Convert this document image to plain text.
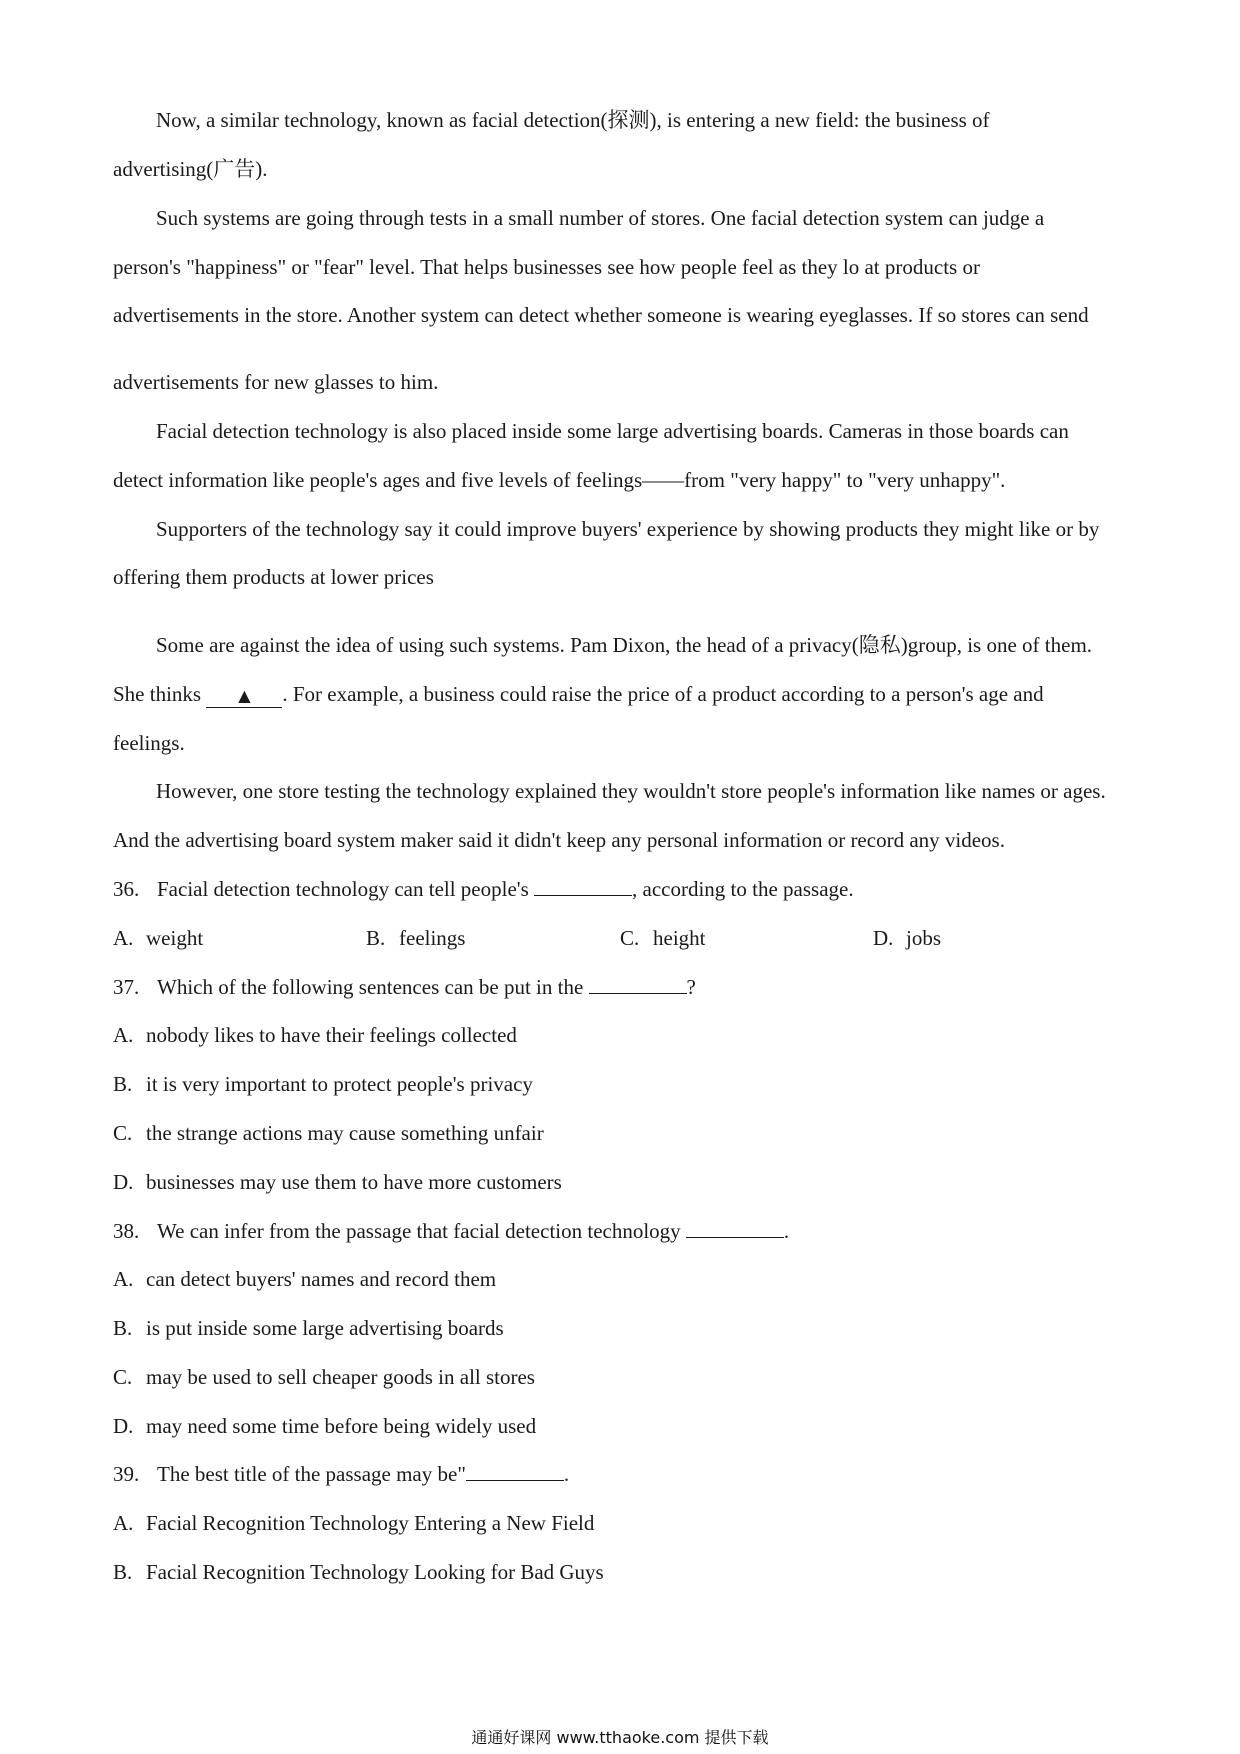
Now, a similar technology, known as facial detection(探测), is entering a new field: the business of
advertising(广告).
Such systems are going through tests in a small number of stores. One facial detection system can judge a
person's "happiness" or "fear" level. That helps businesses see how people feel as they lo at products or
advertisements in the store. Another system can detect whether someone is wearing eyeglasses. If so stores can send
advertisements for new glasses to him.
Facial detection technology is also placed inside some large advertising boards. Cameras in those boards can
detect information like people's ages and five levels of feelings——from "very happy" to "very unhappy".
Supporters of the technology say it could improve buyers' experience by showing products they might like or by
offering them products at lower prices
Some are against the idea of using such systems. Pam Dixon, the head of a privacy(隐私)group, is one of them.
She thinks ▲ . For example, a business could raise the price of a product according to a person's age and
feelings.
However, one store testing the technology explained they wouldn't store people's information like names or ages.
And the advertising board system maker said it didn't keep any personal information or record any videos.
36. Facial detection technology can tell people's	, according to the passage.
A. weight	B. feelings	C. height	D. jobs
37. Which of the following sentences can be put in the	?
A. nobody likes to have their feelings collected
B. it is very important to protect people's privacy
C. the strange actions may cause something unfair
D. businesses may use them to have more customers
38. We can infer from the passage that facial detection technology	.
A. can detect buyers' names and record them
B. is put inside some large advertising boards
C. may be used to sell cheaper goods in all stores
D. may need some time before being widely used
39. The best title of the passage may be"	.
A. Facial Recognition Technology Entering a New Field
B. Facial Recognition Technology Looking for Bad Guys
通通好课网 www.tthaoke.com 提供下载
